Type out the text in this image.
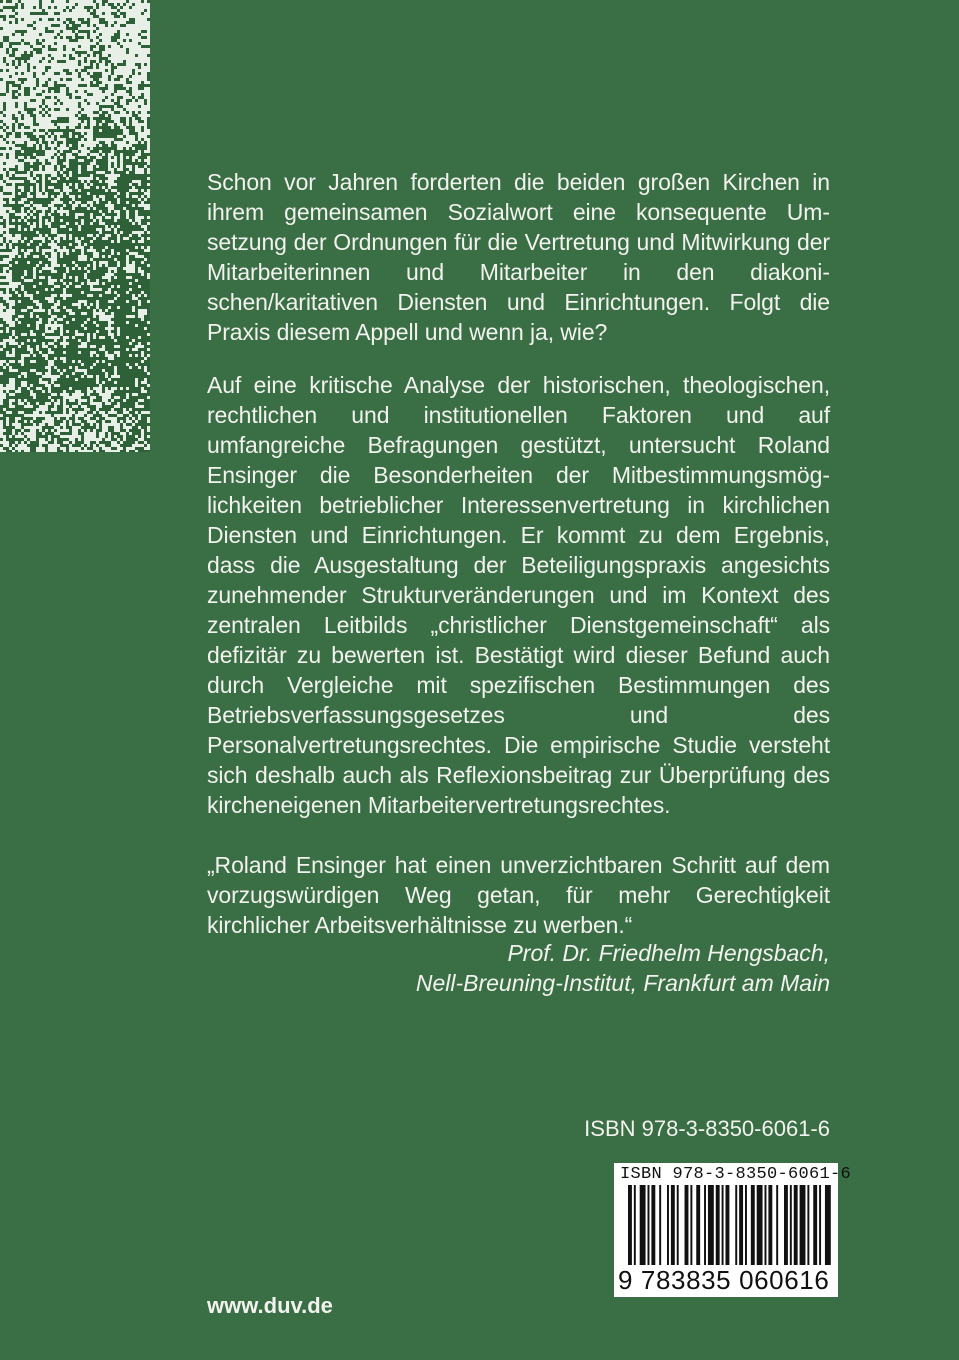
Schon vor Jahren forderten die beiden großen Kirchen in ihrem gemeinsamen Sozialwort eine konsequente Umsetzung der Ordnungen für die Vertretung und Mitwirkung der Mitarbeiterinnen und Mitarbeiter in den diakonischen/karitativen Diensten und Einrichtungen. Folgt die Praxis diesem Appell und wenn ja, wie?
Auf eine kritische Analyse der historischen, theologischen, rechtlichen und institutionellen Faktoren und auf umfangreiche Befragungen gestützt, untersucht Roland Ensinger die Besonderheiten der Mitbestimmungsmöglichkeiten betrieblicher Interessenvertretung in kirchlichen Diensten und Einrichtungen. Er kommt zu dem Ergebnis, dass die Ausgestaltung der Beteiligungspraxis angesichts zunehmender Strukturveränderungen und im Kontext des zentralen Leitbilds „christlicher Dienstgemeinschaft“ als defizitär zu bewerten ist. Bestätigt wird dieser Befund auch durch Vergleiche mit spezifischen Bestimmungen des Betriebsverfassungsgesetzes und des Personalvertretungsrechtes. Die empirische Studie versteht sich deshalb auch als Reflexionsbeitrag zur Überprüfung des kircheneigenen Mitarbeitervertretungsrechtes.
„Roland Ensinger hat einen unverzichtbaren Schritt auf dem vorzugswürdigen Weg getan, für mehr Gerechtigkeit kirchlicher Arbeitsverhältnisse zu werben.“
Prof. Dr. Friedhelm Hengsbach,
Nell-Breuning-Institut, Frankfurt am Main
ISBN 978-3-8350-6061-6
ISBN 978-3-8350-6061-6
9 783835 060616
www.duv.de
